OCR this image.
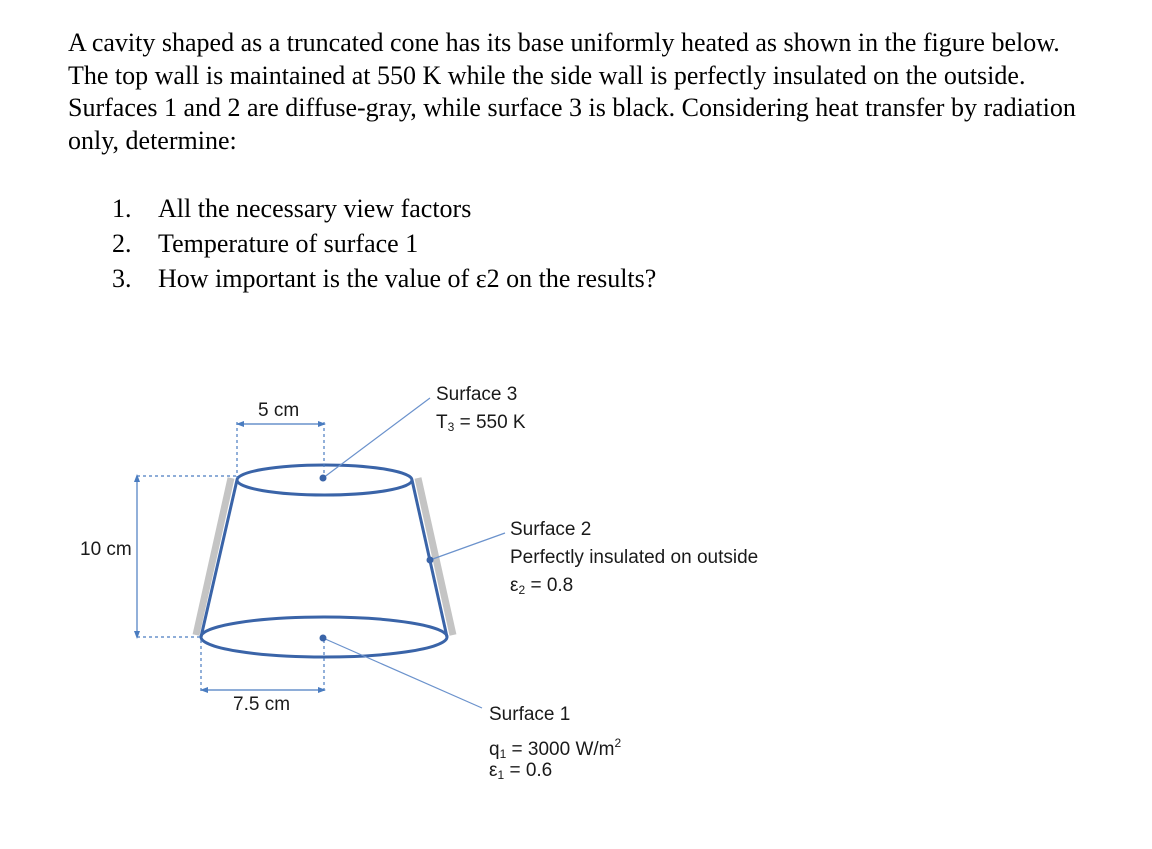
A cavity shaped as a truncated cone has its base uniformly heated as shown in the figure below. The top wall is maintained at 550 K while the side wall is perfectly insulated on the outside. Surfaces 1 and 2 are diffuse-gray, while surface 3 is black. Considering heat transfer by radiation only, determine:

1.	All the necessary view factors
2.	Temperature of surface 1
3.	How important is the value of ε2 on the results?
5 cm
7.5 cm
10 cm
Surface 3
$T_3 = 550$ K
Surface 2
Perfectly insulated on outside
$\varepsilon_2 = 0.8$
Surface 1
$q_1 = 3000$ $W/m^2$
$\varepsilon_1 = 0.6$
